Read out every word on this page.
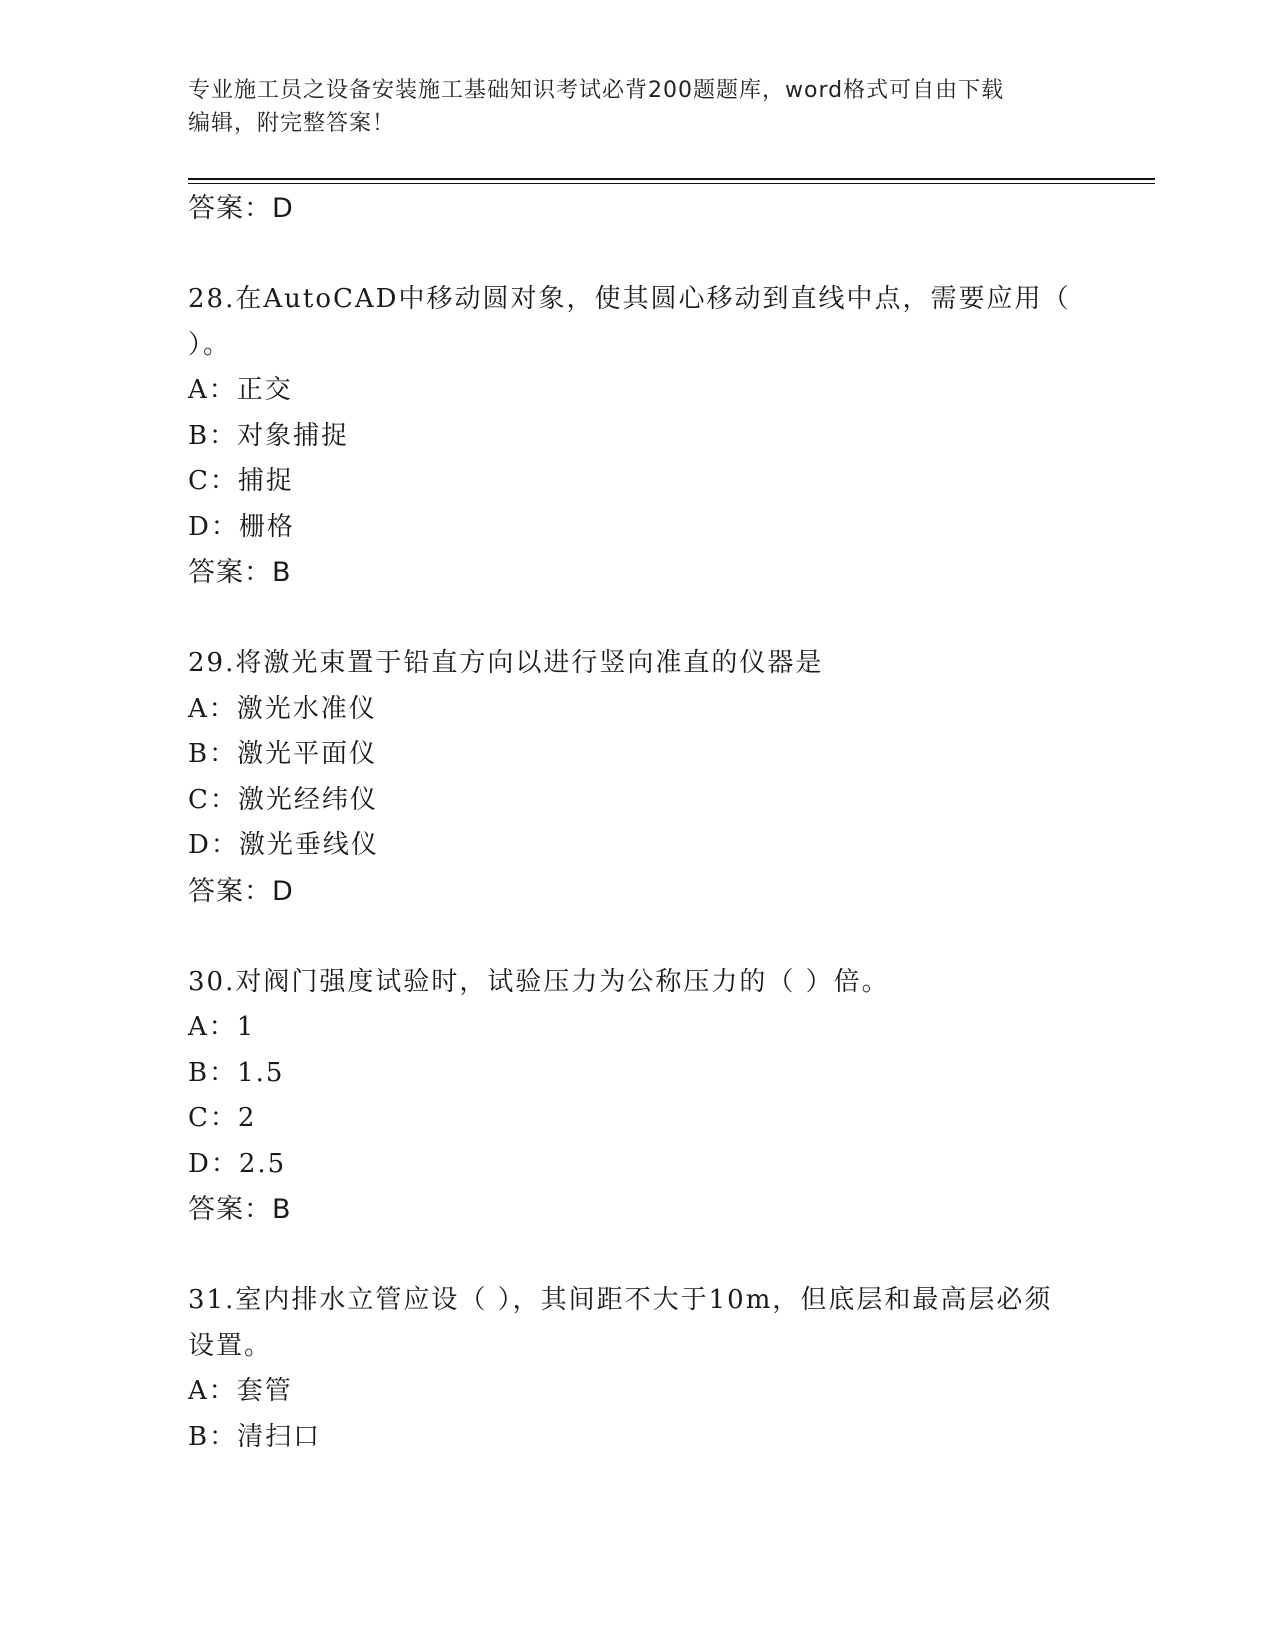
专业施工员之设备安装施工基础知识考试必背200题题库，word格式可自由下载
编辑，附完整答案！
答案：D
28.在AutoCAD中移动圆对象，使其圆心移动到直线中点，需要应用（
）。
A：正交
B：对象捕捉
C：捕捉
D：栅格
答案：B
29.将激光束置于铅直方向以进行竖向准直的仪器是
A：激光水准仪
B：激光平面仪
C：激光经纬仪
D：激光垂线仪
答案：D
30.对阀门强度试验时，试验压力为公称压力的（ ）倍。
A：1
B：1.5
C：2
D：2.5
答案：B
31.室内排水立管应设（ ），其间距不大于10m，但底层和最高层必须
设置。
A：套管
B：清扫口
